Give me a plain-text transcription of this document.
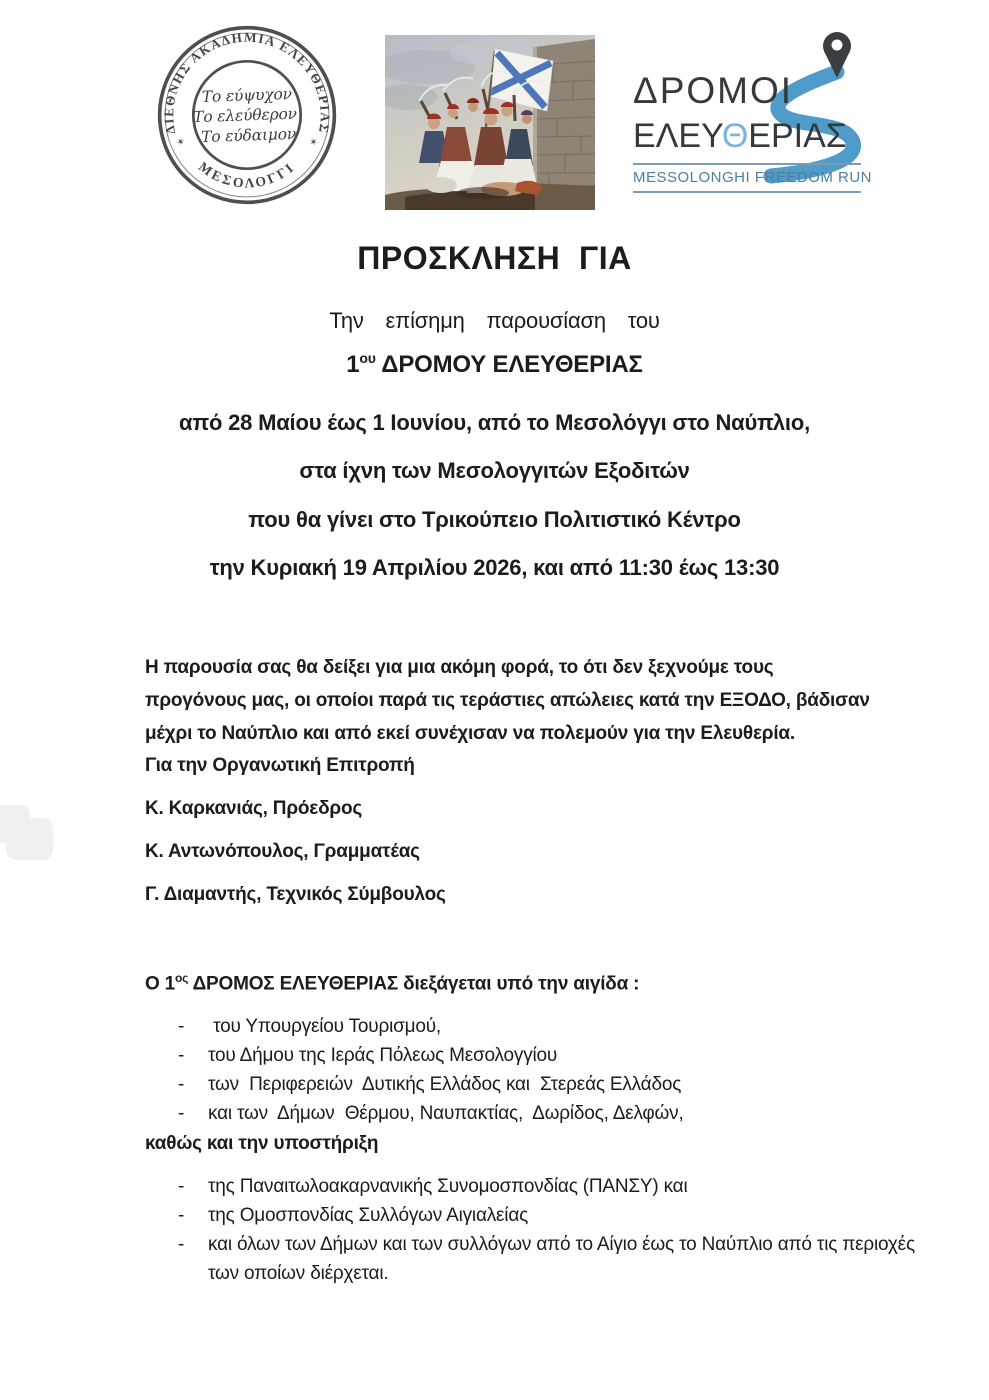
ΔΙΕΘΝΗΣ ΑΚΑΔΗΜΙΑ ΕΛΕΥΘΕΡΙΑΣ
ΜΕΣΟΛΟΓΓΙ
✶	✶
Το εύψυχον
Το ελεύθερον
Το εύδαιμον
ΔΡΟΜΟΙ
ΕΛΕΥΘΕΡΙΑΣ
MESSOLONGHI FREEDOM RUN
ΠΡΟΣΚΛΗΣΗ  ΓΙΑ
Την  επίσημη  παρουσίαση  του
$1^{o\upsilon}$ ΔΡΟΜΟΥ ΕΛΕΥΘΕΡΙΑΣ
από 28 Μαίου έως 1 Ιουνίου, από το Μεσολόγγι στο Ναύπλιο,
στα ίχνη των Μεσολογγιτών Εξοδιτών
που θα γίνει στο Τρικούπειο Πολιτιστικό Κέντρο
την Κυριακή 19 Απριλίου 2026, και από 11:30 έως 13:30
Η παρουσία σας θα δείξει για μια ακόμη φορά, το ότι δεν ξεχνούμε τους
προγόνους μας, οι οποίοι παρά τις τεράστιες απώλειες κατά την ΕΞΟΔΟ, βάδισαν
μέχρι το Ναύπλιο και από εκεί συνέχισαν να πολεμούν για την Ελευθερία.
Για την Οργανωτική Επιτροπή
Κ. Καρκανιάς, Πρόεδρος
Κ. Αντωνόπουλος, Γραμματέας
Γ. Διαμαντής, Τεχνικός Σύμβουλος
Ο $1^{o\varsigma}$ ΔΡΟΜΟΣ ΕΛΕΥΘΕΡΙΑΣ διεξάγεται υπό την αιγίδα :
-	του Υπουργείου Τουρισμού,
-	του Δήμου της Ιεράς Πόλεως Μεσολογγίου
-	των  Περιφερειών  Δυτικής Ελλάδος και  Στερεάς Ελλάδος
-	και των  Δήμων  Θέρμου, Ναυπακτίας,  Δωρίδος, Δελφών,
καθώς και την υποστήριξη
-	της Παναιτωλοακαρνανικής Συνομοσπονδίας (ΠΑΝΣΥ) και
-	της Ομοσπονδίας Συλλόγων Αιγιαλείας
-	και όλων των Δήμων και των συλλόγων από το Αίγιο έως το Ναύπλιο από τις περιοχές των οποίων διέρχεται.
